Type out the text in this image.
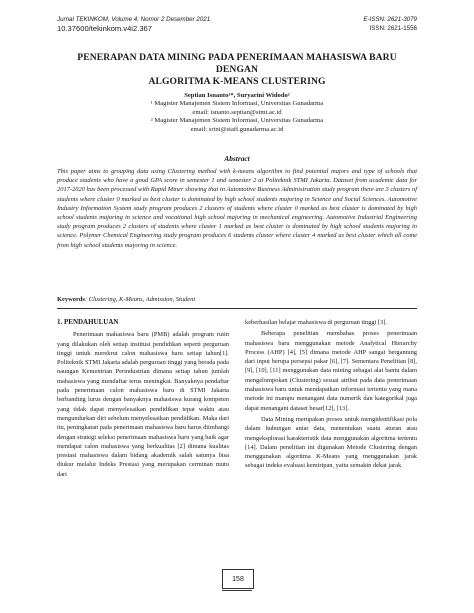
Jurnal TEKINKOM, Volume 4, Nomor 2 Desember 2021
10.37600/tekinkom.v4i2.367
E-ISSN: 2621-3079
ISSN: 2621-1556
PENERAPAN DATA MINING PADA PENERIMAAN MAHASISWA BARU DENGAN
ALGORITMA K-MEANS CLUSTERING
Septian Isnanto¹*, Suryarini Widodo²
¹ Magister Manajemen Sistem Informasi, Universitas Gunadarma
email: isnanto.septian@stmi.ac.id
² Magister Manajemen Sistem Informasi, Universitas Gunadarma
email: srini@staff.gunadarma.ac.id
Abstract

This paper aims to grouping data using Clustering method with k-means algorithm to find potential majors and type of schools that produce students who have a good GPA score in semester 1 and semester 2 at Politeknik STMI Jakarta. Dataset from academic data for 2017-2020 has been processed with Rapid Miner showing that in Automotive Business Administration study program there are 3 clusters of students where cluster 0 marked as best cluster is dominated by high school students majoring in Science and Social Sciences. Automotive Industry Information System study program produces 2 clusters of students where cluster 0 marked as best cluster is dominated by high school students majoring in science and vocational high school majoring in mechanical engineering. Automotive Industrial Engineering study program produces 2 clusters of students where cluster 1 marked as best cluster is dominated by high school students majoring in science. Polymer Chemical Engineering study program produces 6 students cluster where cluster 4 marked as best cluster which all come from high school students majoring in science.

Keywords: Clustering, K-Means, Admission, Student
1. PENDAHULUAN

Penerimaan mahasiswa baru (PMB) adalah program rutin yang dilakukan oleh setiap institusi pendidikan seperti perguruan tinggi untuk merekrut calon mahasiswa baru setiap tahun[1]. Politeknik STMI Jakarta adalah perguruan tinggi yang berada pada naungan Kementrian Perindustrian dimana setiap tahun jumlah mahasiswa yang mendaftar terus meningkat. Banyaknya pendaftar pada penerimaan calon mahasiswa baru di STMI Jakarta berbanding lurus dengan banyaknya mahasiswa kurang kompeten yang tidak dapat menyelesaikan pendidikan tepat waktu atau mengundurkan diri sebelum menyelesaikan pendidikan. Maka dari itu, peningkatan pada penerimaan mahasiswa baru harus diimbangi dengan strategi seleksi penerimaan mahasiswa baru yang baik agar mendapat calon mahasiswa yang berkualitas [2] dimana kualitas prestasi mahasiswa dalam bidang akademik salah satunya bisa diukur melalui Indeks Prestasi yang merupakan cerminan mutu dari

keberhasilan belajar mahasiswa di perguruan tinggi [3].

Beberapa penelitian membahas proses penerimaan mahasiswa baru menggunakan metode Analytical Hierarchy Process (AHP) [4], [5] dimana metode AHP sangat bergantung dari input berupa persepsi pakar [6], [7]. Sementara Penelitian [8], [9], [10], [11] menggunakan data mining sebagai alat bantu dalam mengelompokan (Clustering) sesuai atribut pada data penerimaan mahasiswa baru untuk mendapatkan informasi tertentu yang mana metode ini mampu menangani data numerik dan kategorikal juga dapat menangani dataset besar[12], [13].

Data Mining merupakan proses untuk mengidentifikasi pola dalam hubungan antar data, menentukan suatu aturan atau mengeksplorasi karakteristik data menggunakan algoritma tertentu [14]. Dalam penelitian ini digunakan Metode Clustering dengan menggunakan algoritma K-Means yang menggunakan jarak sebagai indeks evaluasi kemiripan, yaitu semakin dekat jarak

158
